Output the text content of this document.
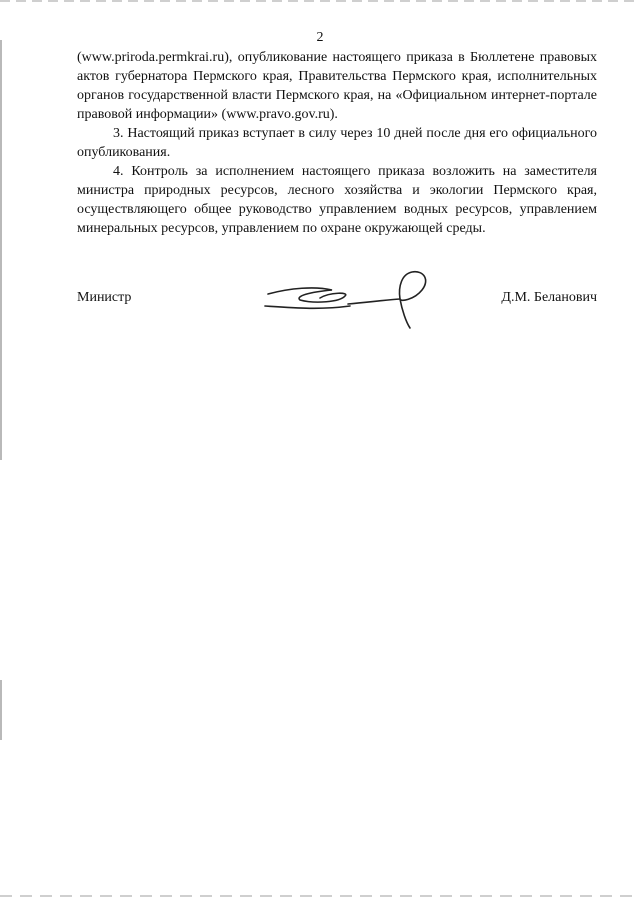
2

(www.priroda.permkrai.ru), опубликование настоящего приказа в Бюллетене правовых актов губернатора Пермского края, Правительства Пермского края, исполнительных органов государственной власти Пермского края, на «Официальном интернет-портале правовой информации» (www.pravo.gov.ru).

3. Настоящий приказ вступает в силу через 10 дней после дня его официального опубликования.

4. Контроль за исполнением настоящего приказа возложить на заместителя министра природных ресурсов, лесного хозяйства и экологии Пермского края, осуществляющего общее руководство управлением водных ресурсов, управлением минеральных ресурсов, управлением по охране окружающей среды.

Министр	Д.М. Беланович
